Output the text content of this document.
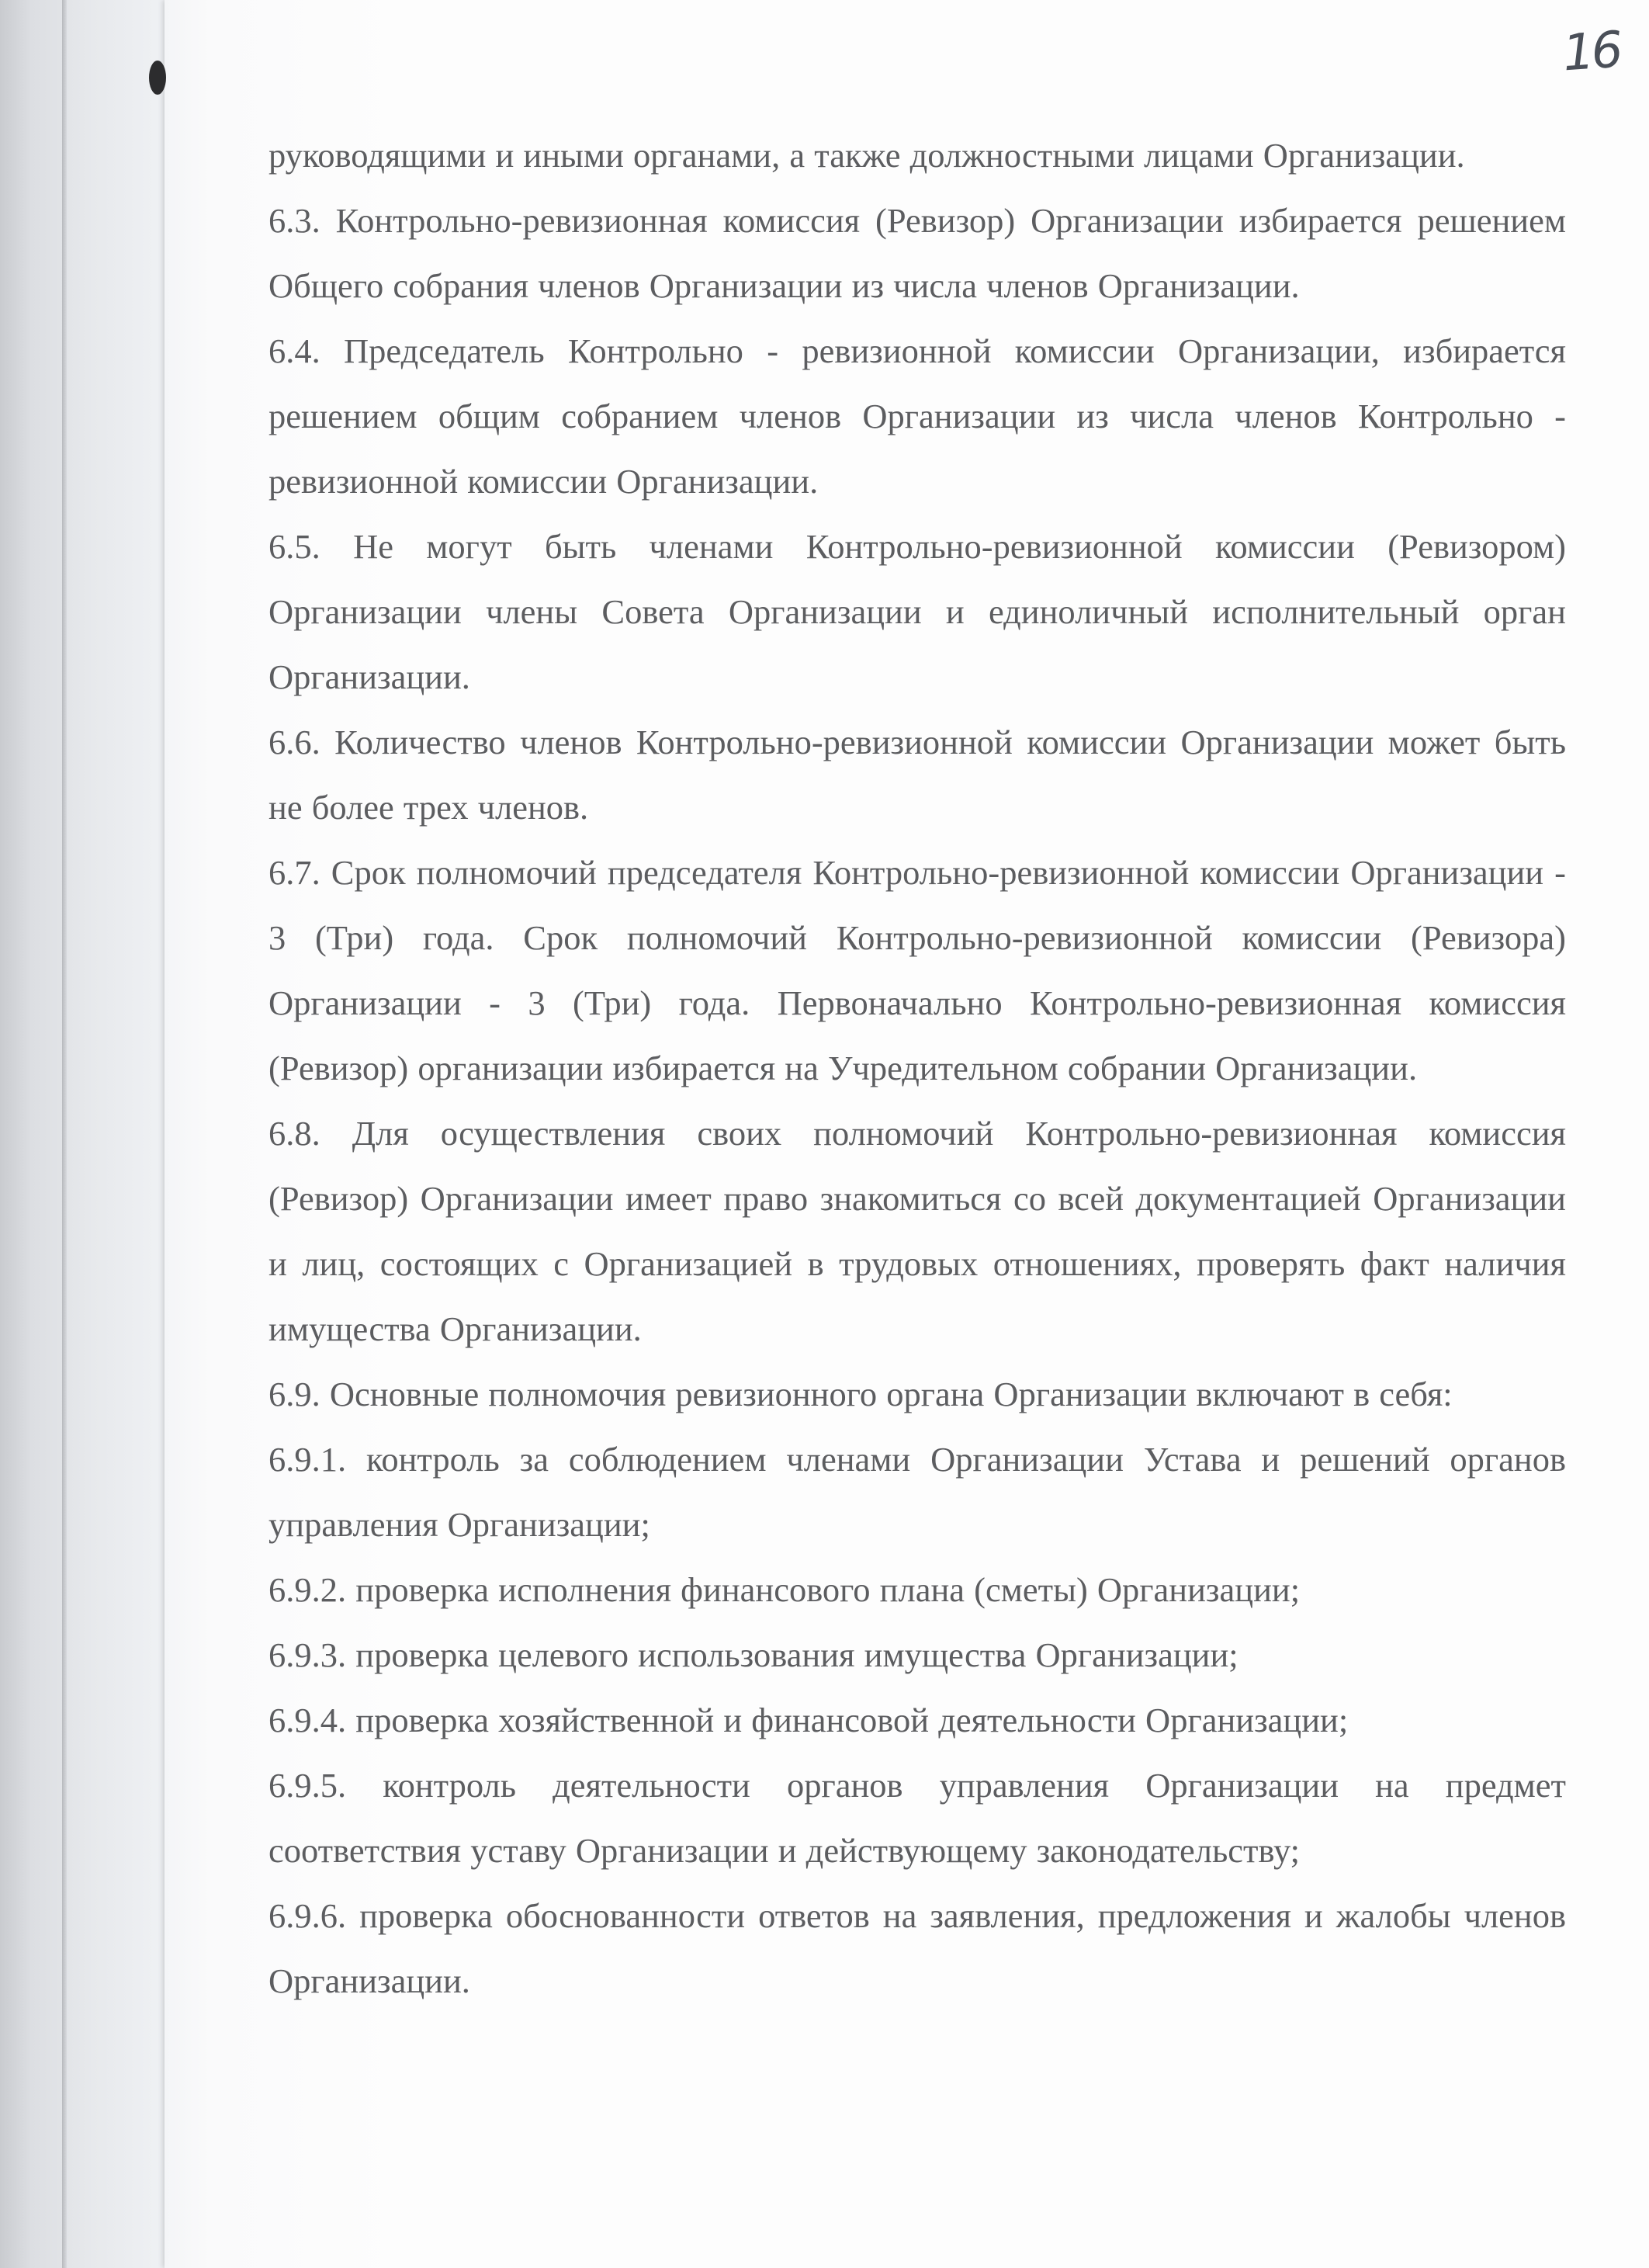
16

руководящими и иными органами, а также должностными лицами Организации.

6.3. Контрольно-ревизионная комиссия (Ревизор) Организации избирается решением Общего собрания членов Организации из числа членов Организации.

6.4. Председатель Контрольно - ревизионной комиссии Организации, избирается решением общим собранием членов Организации из числа членов Контрольно - ревизионной комиссии Организации.

6.5. Не могут быть членами Контрольно-ревизионной комиссии (Ревизором) Организации члены Совета Организации и единоличный исполнительный орган Организации.

6.6. Количество членов Контрольно-ревизионной комиссии Организации может быть не более трех членов.

6.7. Срок полномочий председателя Контрольно-ревизионной комиссии Организации - 3 (Три) года. Срок полномочий Контрольно-ревизионной комиссии (Ревизора) Организации - 3 (Три) года. Первоначально Контрольно-ревизионная комиссия (Ревизор) организации избирается на Учредительном собрании Организации.

6.8. Для осуществления своих полномочий Контрольно-ревизионная комиссия (Ревизор) Организации имеет право знакомиться со всей документацией Организации и лиц, состоящих с Организацией в трудовых отношениях, проверять факт наличия имущества Организации.

6.9. Основные полномочия ревизионного органа Организации включают в себя:

6.9.1. контроль за соблюдением членами Организации Устава и решений органов управления Организации;

6.9.2. проверка исполнения финансового плана (сметы) Организации;

6.9.3. проверка целевого использования имущества Организации;

6.9.4. проверка хозяйственной и финансовой деятельности Организации;

6.9.5. контроль деятельности органов управления Организации на предмет соответствия уставу Организации и действующему законодательству;

6.9.6. проверка обоснованности ответов на заявления, предложения и жалобы членов Организации.
